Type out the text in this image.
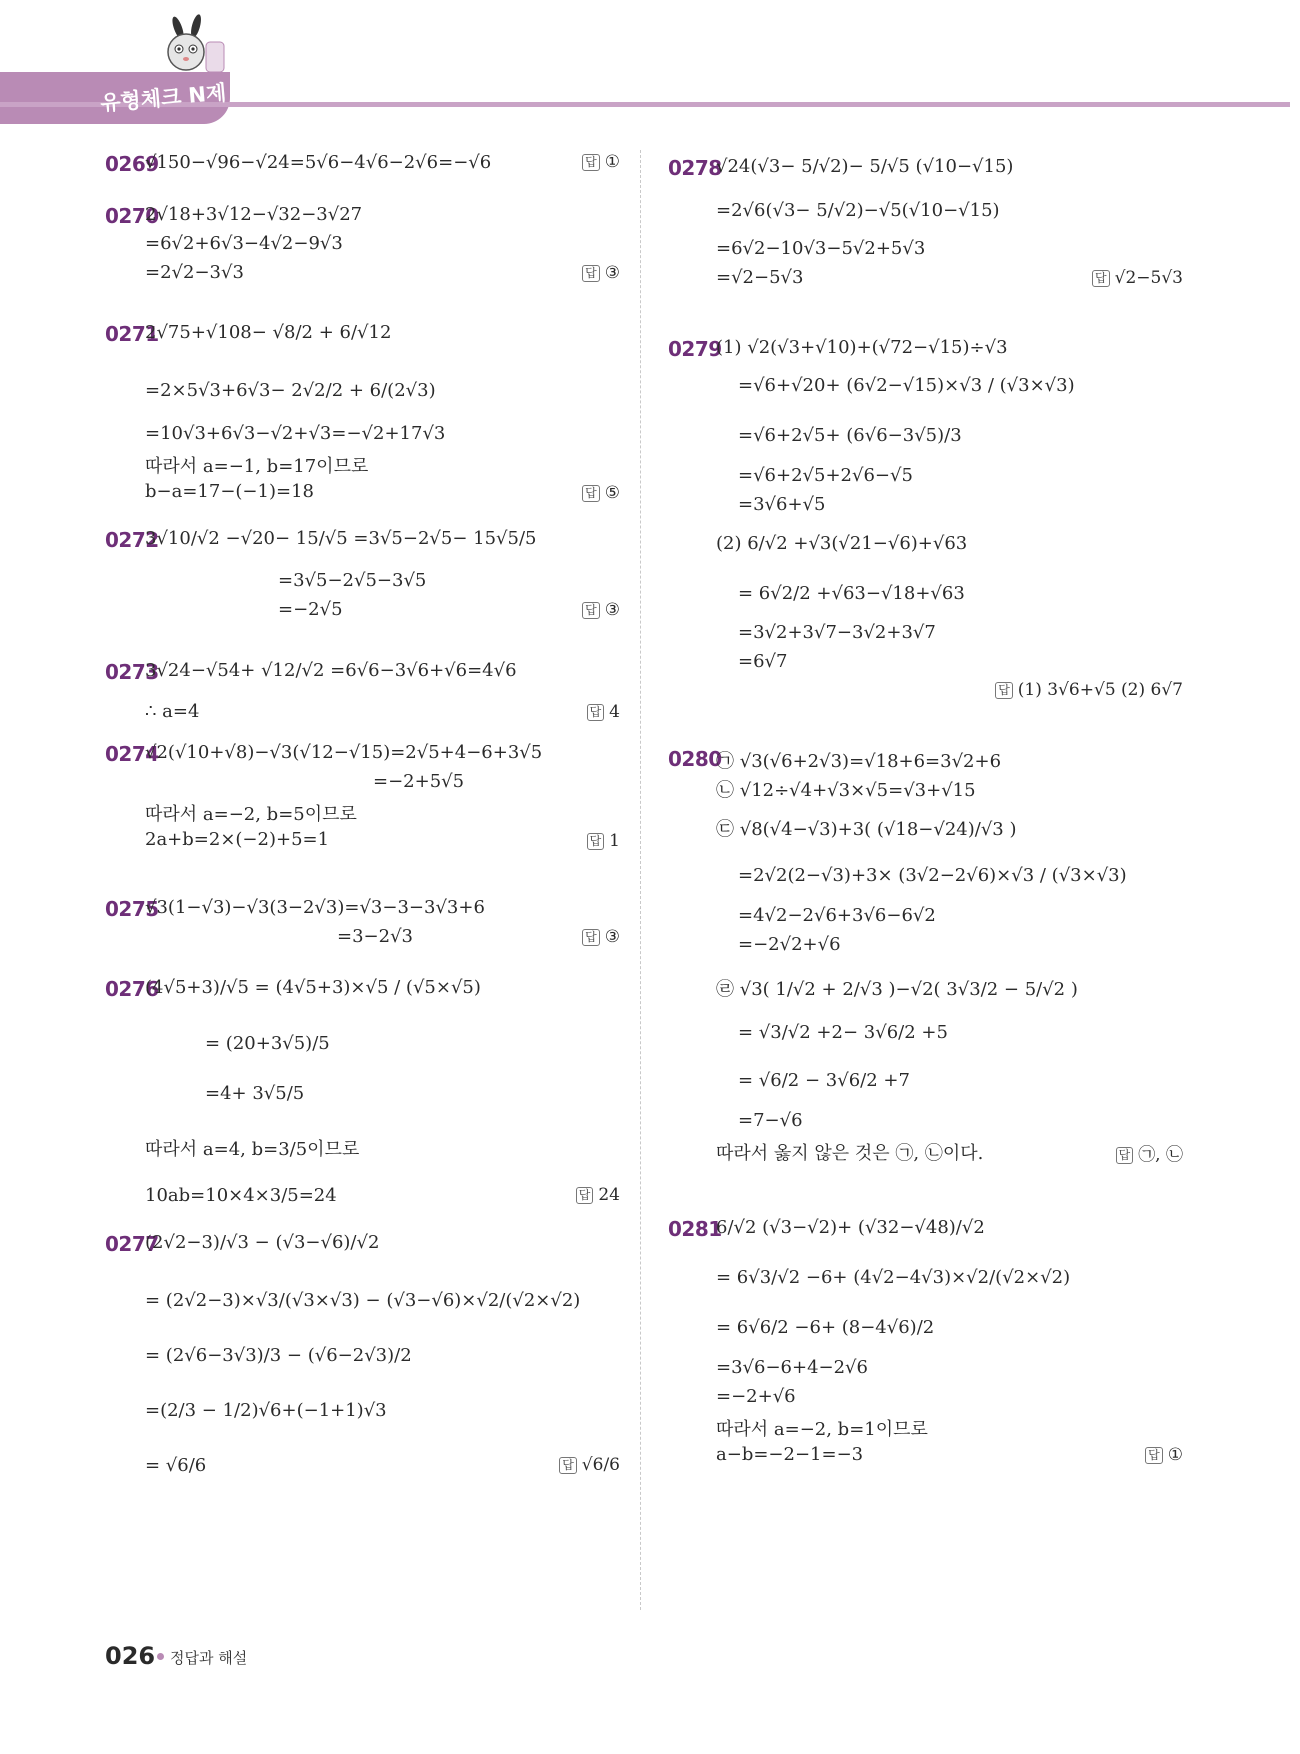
유형체크 N제
0269
√150−√96−√24=5√6−4√6−2√6=−√6	답 ①
0270
2√18+3√12−√32−3√27
=6√2+6√3−4√2−9√3
=2√2−3√3	답 ③
0271
2√75+√108− √8/2 + 6/√12
=2×5√3+6√3− 2√2/2 + 6/(2√3)
=10√3+6√3−√2+√3=−√2+17√3
따라서 a=−1, b=17이므로
b−a=17−(−1)=18	답 ⑤
0272
3√10/√2 −√20− 15/√5 =3√5−2√5− 15√5/5
=3√5−2√5−3√5
=−2√5	답 ③
0273
3√24−√54+ √12/√2 =6√6−3√6+√6=4√6
∴ a=4	답 4
0274
√2(√10+√8)−√3(√12−√15)=2√5+4−6+3√5
=−2+5√5
따라서 a=−2, b=5이므로
2a+b=2×(−2)+5=1	답 1
0275
√3(1−√3)−√3(3−2√3)=√3−3−3√3+6
=3−2√3	답 ③
0276
(4√5+3)/√5 = (4√5+3)×√5 / (√5×√5)
= (20+3√5)/5
=4+ 3√5/5
따라서 a=4, b=3/5이므로
10ab=10×4×3/5=24	답 24
0277
(2√2−3)/√3 − (√3−√6)/√2
= (2√2−3)×√3/(√3×√3) − (√3−√6)×√2/(√2×√2)
= (2√6−3√3)/3 − (√6−2√3)/2
=(2/3 − 1/2)√6+(−1+1)√3
= √6/6	답 √6/6
0278
√24(√3− 5/√2)− 5/√5 (√10−√15)
=2√6(√3− 5/√2)−√5(√10−√15)
=6√2−10√3−5√2+5√3
=√2−5√3	답 √2−5√3
0279
(1) √2(√3+√10)+(√72−√15)÷√3
=√6+√20+ (6√2−√15)×√3 / (√3×√3)
=√6+2√5+ (6√6−3√5)/3
=√6+2√5+2√6−√5
=3√6+√5
(2) 6/√2 +√3(√21−√6)+√63
= 6√2/2 +√63−√18+√63
=3√2+3√7−3√2+3√7
=6√7
답 (1) 3√6+√5 (2) 6√7
0280
㉠ √3(√6+2√3)=√18+6=3√2+6
㉡ √12÷√4+√3×√5=√3+√15
㉢ √8(√4−√3)+3( (√18−√24)/√3 )
=2√2(2−√3)+3× (3√2−2√6)×√3 / (√3×√3)
=4√2−2√6+3√6−6√2
=−2√2+√6
㉣ √3( 1/√2 + 2/√3 )−√2( 3√3/2 − 5/√2 )
= √3/√2 +2− 3√6/2 +5
= √6/2 − 3√6/2 +7
=7−√6
따라서 옳지 않은 것은 ㉠, ㉡이다.	답 ㉠, ㉡
0281
6/√2 (√3−√2)+ (√32−√48)/√2
= 6√3/√2 −6+ (4√2−4√3)×√2/(√2×√2)
= 6√6/2 −6+ (8−4√6)/2
=3√6−6+4−2√6
=−2+√6
따라서 a=−2, b=1이므로
a−b=−2−1=−3	답 ①
026 정답과 해설
